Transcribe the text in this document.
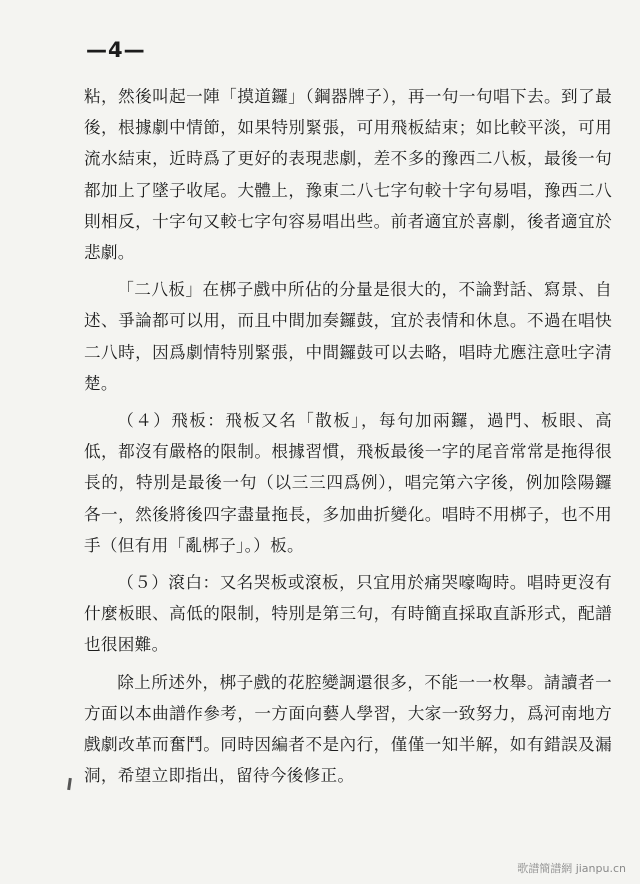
—4—

粘，然後叫起一陣「摸道鑼」（鋼器牌子），再一句一句唱下去。到了最後，根據劇中情節，如果特別緊張，可用飛板結束；如比較平淡，可用流水結束，近時爲了更好的表現悲劇，差不多的豫西二八板，最後一句都加上了墜子收尾。大體上，豫東二八七字句較十字句易唱，豫西二八則相反，十字句又較七字句容易唱出些。前者適宜於喜劇，後者適宜於悲劇。

「二八板」在梆子戲中所佔的分量是很大的，不論對話、寫景、自述、爭論都可以用，而且中間加奏鑼鼓，宜於表情和休息。不過在唱快二八時，因爲劇情特別緊張，中間鑼鼓可以去略，唱時尤應注意吐字清楚。

（４）飛板：飛板又名「散板」，每句加兩鑼，過門、板眼、高低，都沒有嚴格的限制。根據習慣，飛板最後一字的尾音常常是拖得很長的，特別是最後一句（以三三四爲例），唱完第六字後，例加陰陽鑼各一，然後將後四字盡量拖長，多加曲折變化。唱時不用梆子，也不用手（但有用「亂梆子」。）板。

（５）滾白：又名哭板或滾板，只宜用於痛哭嚎啕時。唱時更沒有什麼板眼、高低的限制，特別是第三句，有時簡直採取直訴形式，配譜也很困難。

除上所述外，梆子戲的花腔變調還很多，不能一一枚舉。請讀者一方面以本曲譜作參考，一方面向藝人學習，大家一致努力，爲河南地方戲劇改革而奮鬥。同時因編者不是內行，僅僅一知半解，如有錯誤及漏洞，希望立即指出，留待今後修正。

歌譜簡譜網 jianpu.cn
